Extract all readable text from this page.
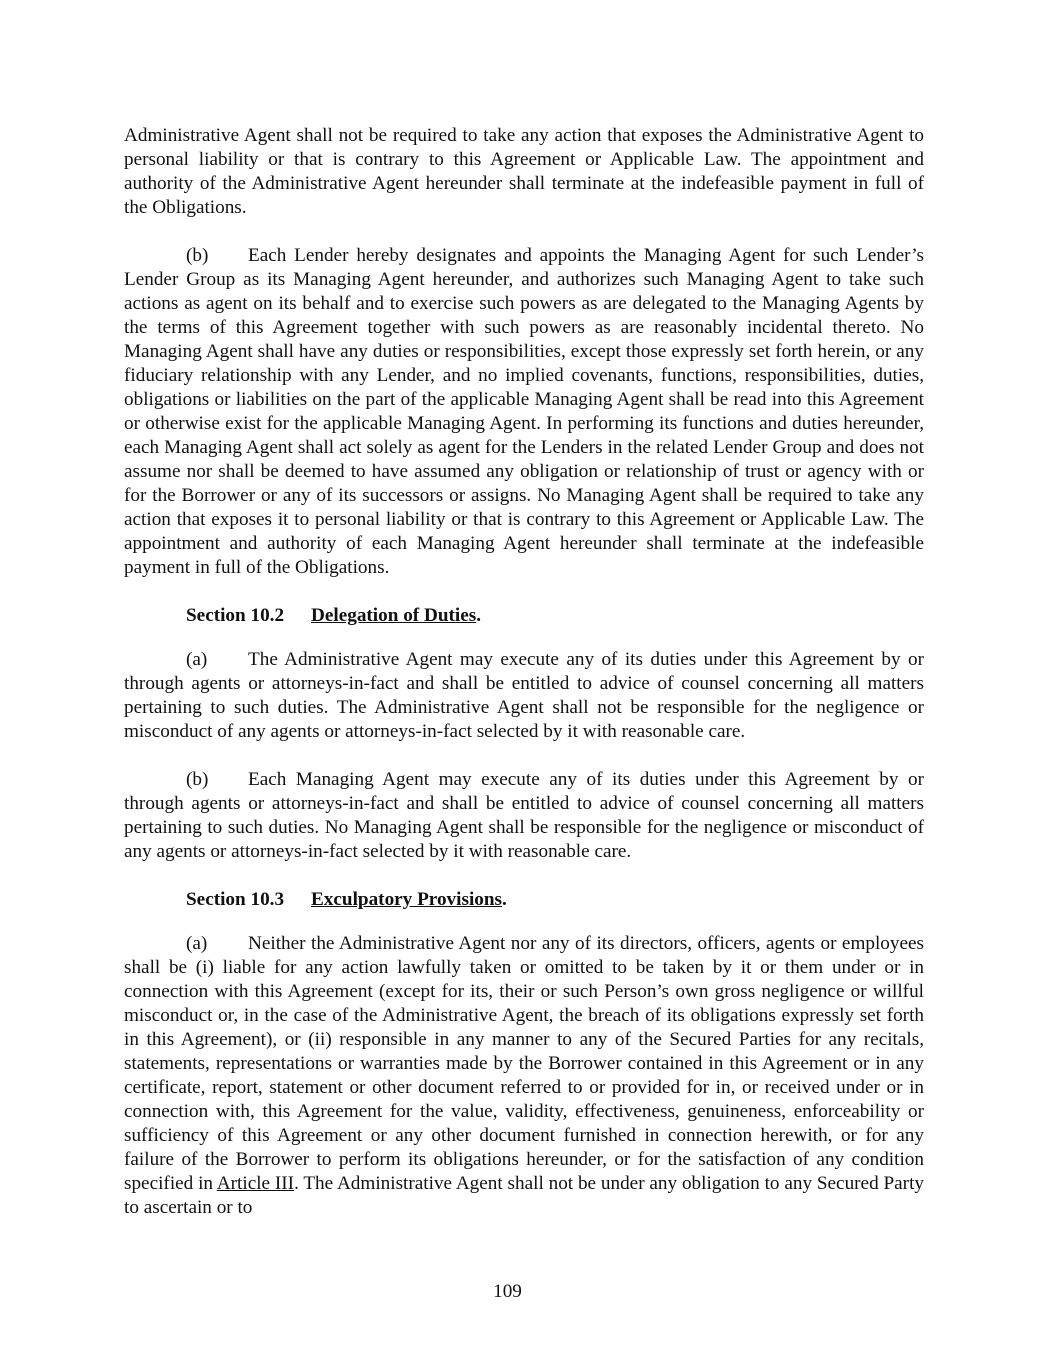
Administrative Agent shall not be required to take any action that exposes the Administrative Agent to personal liability or that is contrary to this Agreement or Applicable Law. The appointment and authority of the Administrative Agent hereunder shall terminate at the indefeasible payment in full of the Obligations.

(b) Each Lender hereby designates and appoints the Managing Agent for such Lender’s Lender Group as its Managing Agent hereunder, and authorizes such Managing Agent to take such actions as agent on its behalf and to exercise such powers as are delegated to the Managing Agents by the terms of this Agreement together with such powers as are reasonably incidental thereto. No Managing Agent shall have any duties or responsibilities, except those expressly set forth herein, or any fiduciary relationship with any Lender, and no implied covenants, functions, responsibilities, duties, obligations or liabilities on the part of the applicable Managing Agent shall be read into this Agreement or otherwise exist for the applicable Managing Agent. In performing its functions and duties hereunder, each Managing Agent shall act solely as agent for the Lenders in the related Lender Group and does not assume nor shall be deemed to have assumed any obligation or relationship of trust or agency with or for the Borrower or any of its successors or assigns. No Managing Agent shall be required to take any action that exposes it to personal liability or that is contrary to this Agreement or Applicable Law. The appointment and authority of each Managing Agent hereunder shall terminate at the indefeasible payment in full of the Obligations.

Section 10.2 Delegation of Duties.

(a) The Administrative Agent may execute any of its duties under this Agreement by or through agents or attorneys-in-fact and shall be entitled to advice of counsel concerning all matters pertaining to such duties. The Administrative Agent shall not be responsible for the negligence or misconduct of any agents or attorneys-in-fact selected by it with reasonable care.

(b) Each Managing Agent may execute any of its duties under this Agreement by or through agents or attorneys-in-fact and shall be entitled to advice of counsel concerning all matters pertaining to such duties. No Managing Agent shall be responsible for the negligence or misconduct of any agents or attorneys-in-fact selected by it with reasonable care.

Section 10.3 Exculpatory Provisions.

(a) Neither the Administrative Agent nor any of its directors, officers, agents or employees shall be (i) liable for any action lawfully taken or omitted to be taken by it or them under or in connection with this Agreement (except for its, their or such Person’s own gross negligence or willful misconduct or, in the case of the Administrative Agent, the breach of its obligations expressly set forth in this Agreement), or (ii) responsible in any manner to any of the Secured Parties for any recitals, statements, representations or warranties made by the Borrower contained in this Agreement or in any certificate, report, statement or other document referred to or provided for in, or received under or in connection with, this Agreement for the value, validity, effectiveness, genuineness, enforceability or sufficiency of this Agreement or any other document furnished in connection herewith, or for any failure of the Borrower to perform its obligations hereunder, or for the satisfaction of any condition specified in Article III. The Administrative Agent shall not be under any obligation to any Secured Party to ascertain or to

109
